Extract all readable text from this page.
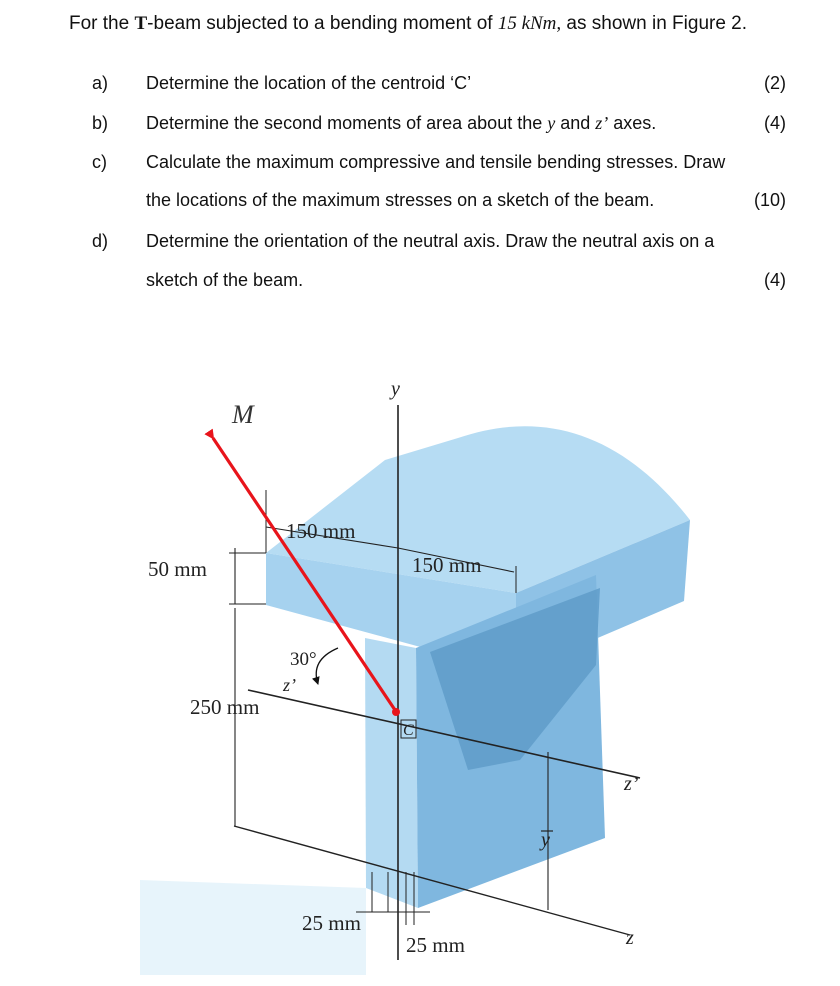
For the T-beam subjected to a bending moment of 15 kNm, as shown in Figure 2.
a) Determine the location of the centroid ‘C’	(2)
b) Determine the second moments of area about the y and z’ axes.	(4)
c) Calculate the maximum compressive and tensile bending stresses. Draw
the locations of the maximum stresses on a sketch of the beam.	(10)
d) Determine the orientation of the neutral axis. Draw the neutral axis on a
sketch of the beam.	(4)
M
y
150 mm
150 mm
50 mm
30°
z’
250 mm
C
z’
y
z
25 mm
25 mm
